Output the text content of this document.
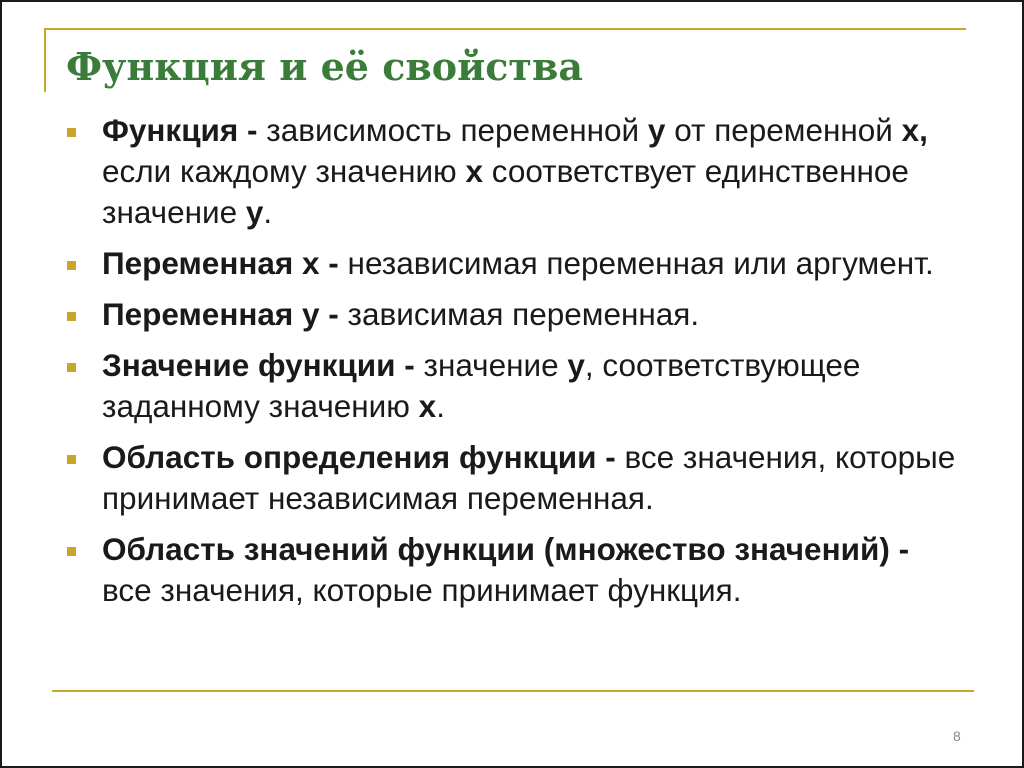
Функция и её свойства
Функция - зависимость переменной у от переменной х, если каждому значению х соответствует единственное значение у.
Переменная х - независимая переменная или аргумент.
Переменная у - зависимая переменная.
Значение функции - значение у, соответствующее заданному значению х.
Область определения функции - все значения, которые принимает независимая переменная.
Область значений функции (множество значений) - все значения, которые принимает функция.
8
